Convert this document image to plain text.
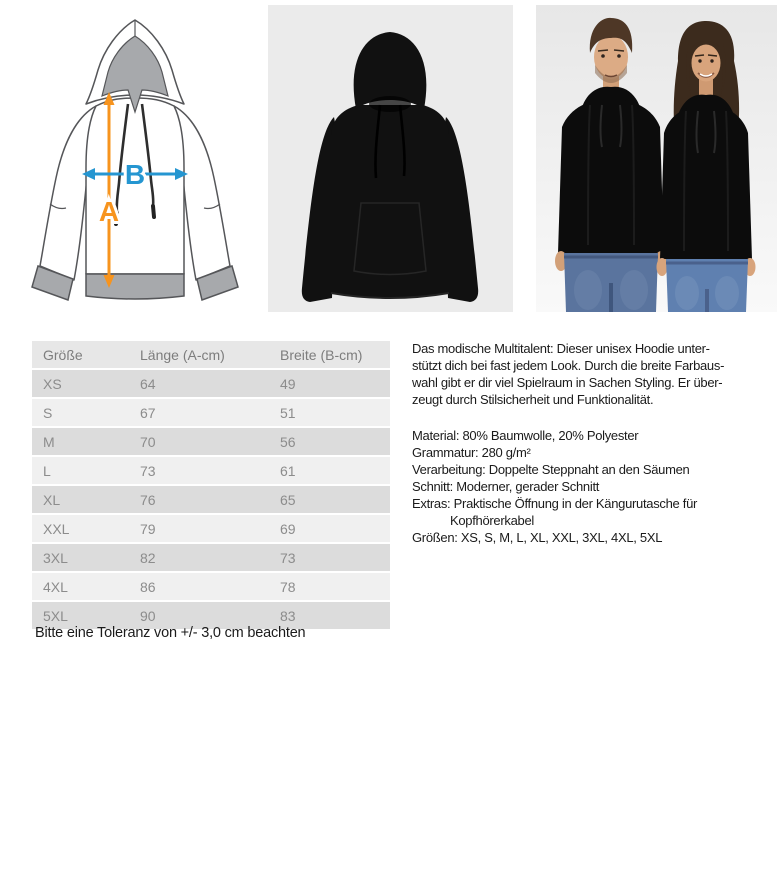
B
A
Größe	Länge (A-cm)	Breite (B-cm)
XS	64	49
S	67	51
M	70	56
L	73	61
XL	76	65
XXL	79	69
3XL	82	73
4XL	86	78
5XL	90	83
Bitte eine Toleranz von +/- 3,0 cm beachten
Das modische Multitalent: Dieser unisex Hoodie unter-
stützt dich bei fast jedem Look. Durch die breite Farbaus-
wahl gibt er dir viel Spielraum in Sachen Styling. Er über-
zeugt durch Stilsicherheit und Funktionalität.
Material: 80% Baumwolle, 20% Polyester
Grammatur: 280 g/m²
Verarbeitung: Doppelte Steppnaht an den Säumen
Schnitt: Moderner, gerader Schnitt
Extras: Praktische Öffnung in der Kängurutasche für
Kopfhörerkabel
Größen: XS, S, M, L, XL, XXL, 3XL, 4XL, 5XL
